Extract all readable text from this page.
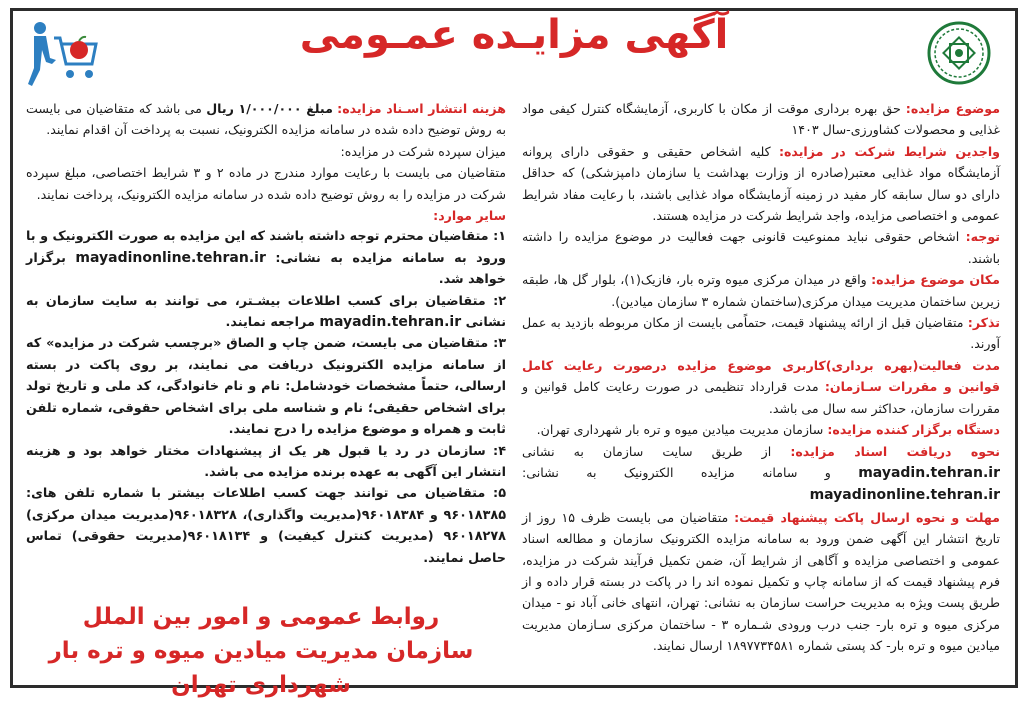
آگهی مزایـده عمـومی

موضوع مزایده: حق بهره برداری موقت از مکان با کاربری، آزمایشگاه کنترل کیفی مواد غذایی و محصولات کشاورزی-سال ۱۴۰۳

واجدین شرایط شرکت در مزایده: کلیه اشخاص حقیقی و حقوقی دارای پروانه آزمایشگاه مواد غذایی معتبر(صادره از وزارت بهداشت یا سازمان دامپزشکی) که حداقل دارای دو سال سابقه کار مفید در زمینه آزمایشگاه مواد غذایی باشند، با رعایت مفاد شرایط عمومی و اختصاصی مزایده، واجد شرایط شرکت در مزایده هستند.

توجه: اشخاص حقوقی نباید ممنوعیت قانونی جهت فعالیت در موضوع مزایده را داشته باشند.

مکان موضوع مزایده: واقع در میدان مرکزی میوه وتره بار، فازیک(۱)، بلوار گل ها، طبقه زیرین ساختمان مدیریت میدان مرکزی(ساختمان شماره ۳ سازمان میادین).

تذکر: متقاضیان قبل از ارائه پیشنهاد قیمت، حتماًمی بایست از مکان مربوطه بازدید به عمل آورند.

مدت فعالیت(بهره برداری)کاربری موضوع مزایده درصورت رعایت کامل قوانین و مقررات سـازمان: مدت قرارداد تنظیمی در صورت رعایت کامل قوانین و مقررات سازمان، حداکثر سه سال می باشد.

دستگاه برگزار کننده مزایده: سازمان مدیریت میادین میوه و تره بار شهرداری تهران.

نحوه دریافت اسناد مزایده: از طریق سایت سازمان به نشانی mayadin.tehran.ir و سامانه مزایده الکترونیک به نشانی: mayadinonline.tehran.ir

مهلت و نحوه ارسال پاکت پیشنهاد قیمت: متقاضیان می بایست ظرف ۱۵ روز از تاریخ انتشار این آگهی ضمن ورود به سامانه مزایده الکترونیک سازمان و مطالعه اسناد عمومی و اختصاصی مزایده و آگاهی از شرایط آن، ضمن تکمیل فرآیند شرکت در مزایده، فرم پیشنهاد قیمت که از سامانه چاپ و تکمیل نموده اند را در پاکت در بسته قرار داده و از طریق پست ویژه به مدیریت حراست سازمان به نشانی: تهران، انتهای خانی آباد نو - میدان مرکزی میوه و تره بار- جنب درب ورودی شـماره ۳ - ساختمان مرکزی سـازمان مدیریت میادین میوه و تره بار- کد پستی شماره ۱۸۹۷۷۳۴۵۸۱ ارسال نمایند.

هزینه انتشار اسـناد مزایده: مبلغ ۱/۰۰۰/۰۰۰ ریال می باشد که متقاضیان می بایست به روش توضیح داده شده در سامانه مزایده الکترونیک، نسبت به پرداخت آن اقدام نمایند.

میزان سپرده شرکت در مزایده:

متقاضیان می بایست با رعایت موارد مندرج در ماده ۲ و ۳ شرایط اختصاصی، مبلغ سپرده شرکت در مزایده را به روش توضیح داده شده در سامانه مزایده الکترونیک، پرداخت نمایند.

سایر موارد:

۱: متقاضیان محترم توجه داشته باشند که این مزایده به صورت الکترونیک و با ورود به سامانه مزایده به نشانی: mayadinonline.tehran.ir برگزار خواهد شد.

۲: متقاضیان برای کسب اطلاعات بیشـتر، می توانند به سایت سازمان به نشانی mayadin.tehran.ir مراجعه نمایند.

۳: متقاضیان می بایست، ضمن چاپ و الصاق «برچسب شرکت در مزایده» که از سامانه مزایده الکترونیک دریافت می نمایند، بر روی پاکت در بسته ارسالی، حتماً مشخصات خودشامل: نام و نام خانوادگی، کد ملی و تاریخ تولد برای اشخاص حقیقی؛ نام و شناسه ملی برای اشخاص حقوقی، شماره تلفن ثابت و همراه و موضوع مزایده را درج نمایند.

۴: سازمان در رد یا قبول هر یک از پیشنهادات مختار خواهد بود و هزینه انتشار این آگهی به عهده برنده مزایده می باشد.

۵: متقاضیان می توانند جهت کسب اطلاعات بیشتر با شماره تلفن های: ۹۶۰۱۸۳۸۵ و ۹۶۰۱۸۳۸۴(مدیریت واگذاری)، ۹۶۰۱۸۳۲۸(مدیریت میدان مرکزی) ۹۶۰۱۸۲۷۸ (مدیریت کنترل کیفیت) و ۹۶۰۱۸۱۳۴(مدیریت حقوقی) تماس حاصل نمایند.

روابط عمومی و امور بین الملل
سازمان مدیریت میادین میوه و تره بار شهرداری تهران
